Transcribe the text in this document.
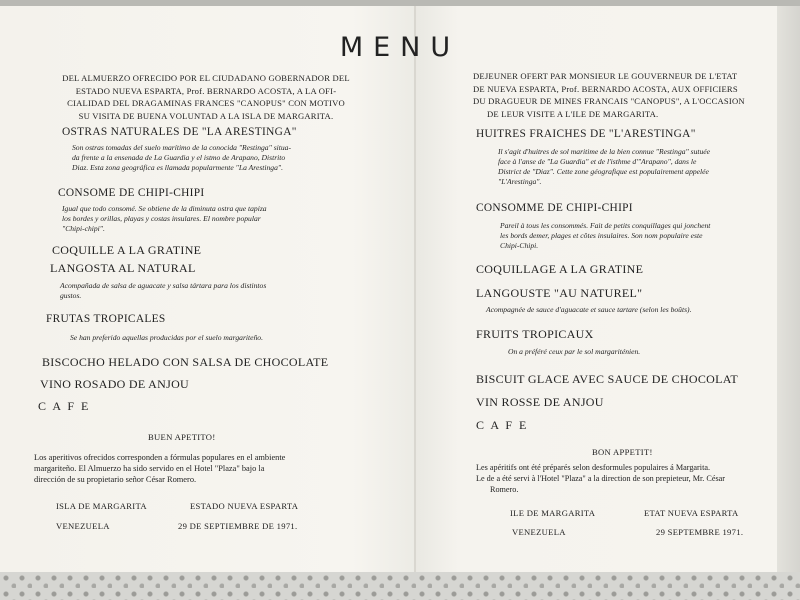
MENU
DEL ALMUERZO OFRECIDO POR EL CIUDADANO GOBERNADOR DEL
ESTADO NUEVA ESPARTA, Prof. BERNARDO ACOSTA, A LA OFI-
CIALIDAD DEL DRAGAMINAS FRANCES "CANOPUS" CON MOTIVO
SU VISITA DE BUENA VOLUNTAD A LA ISLA DE MARGARITA.
OSTRAS NATURALES DE "LA ARESTINGA"
Son ostras tomadas del suelo marítimo de la conocida "Restinga" situa-
da frente a la ensenada de La Guardia y el istmo de Arapano, Distrito
Diaz. Esta zona geográfica es llamada popularmente "La Arestinga".
CONSOME DE CHIPI-CHIPI
Igual que todo consomé. Se obtiene de la diminuta ostra que tapiza
los bordes y orillas, playas y costas insulares. El nombre popular
"Chipi-chipi".
COQUILLE A LA GRATINE
LANGOSTA AL NATURAL
Acompañada de salsa de aguacate y salsa tártara para los distintos
gustos.
FRUTAS TROPICALES
Se han preferido aquellas producidas por el suelo margariteño.
BISCOCHO HELADO CON SALSA DE CHOCOLATE
VINO ROSADO DE ANJOU
C A F E
BUEN APETITO!
Los aperitivos ofrecidos corresponden a fórmulas populares en el ambiente
margariteño. El Almuerzo ha sido servido en el Hotel "Plaza" bajo la
dirección de su propietario señor César Romero.
ISLA DE MARGARITA	ESTADO NUEVA ESPARTA
VENEZUELA	29 DE SEPTIEMBRE DE 1971.
DEJEUNER OFERT PAR MONSIEUR LE GOUVERNEUR DE L'ETAT
DE NUEVA ESPARTA, Prof. BERNARDO ACOSTA, AUX OFFICIERS
DU DRAGUEUR DE MINES FRANCAIS "CANOPUS", A L'OCCASION
DE LEUR VISITE A L'ILE DE MARGARITA.
HUITRES FRAICHES DE "L'ARESTINGA"
Il s'agit d'huitres de sol maritime de la bien connue "Restinga" sutuée
face à l'anse de "La Guardia" et de l'isthme d'"Arapano", dans le
District de "Diaz". Cette zone géografique est populairement appelée
"L'Arestinga".
CONSOMME DE CHIPI-CHIPI
Pareil à tous les consommés. Fait de petits conquillages qui jonchent
les bords demer, plages et côtes insulaires. Son nom populaire este
Chipi-Chipi.
COQUILLAGE A LA GRATINE
LANGOUSTE "AU NATUREL"
Acompagnée de sauce d'aguacate et sauce tartare (selon les boûts).
FRUITS TROPICAUX
On a préféré ceux par le sol margariténien.
BISCUIT GLACE AVEC SAUCE DE CHOCOLAT
VIN ROSSE DE ANJOU
C A F E
BON APPETIT!
Les apéritifs ont été préparés selon desformules populaires á Margarita.
Le de a été servi à l'Hotel "Plaza" a la direction de son prepieteur, Mr. César
Romero.
ILE DE MARGARITA	ETAT NUEVA ESPARTA
VENEZUELA	29 SEPTEMBRE 1971.
